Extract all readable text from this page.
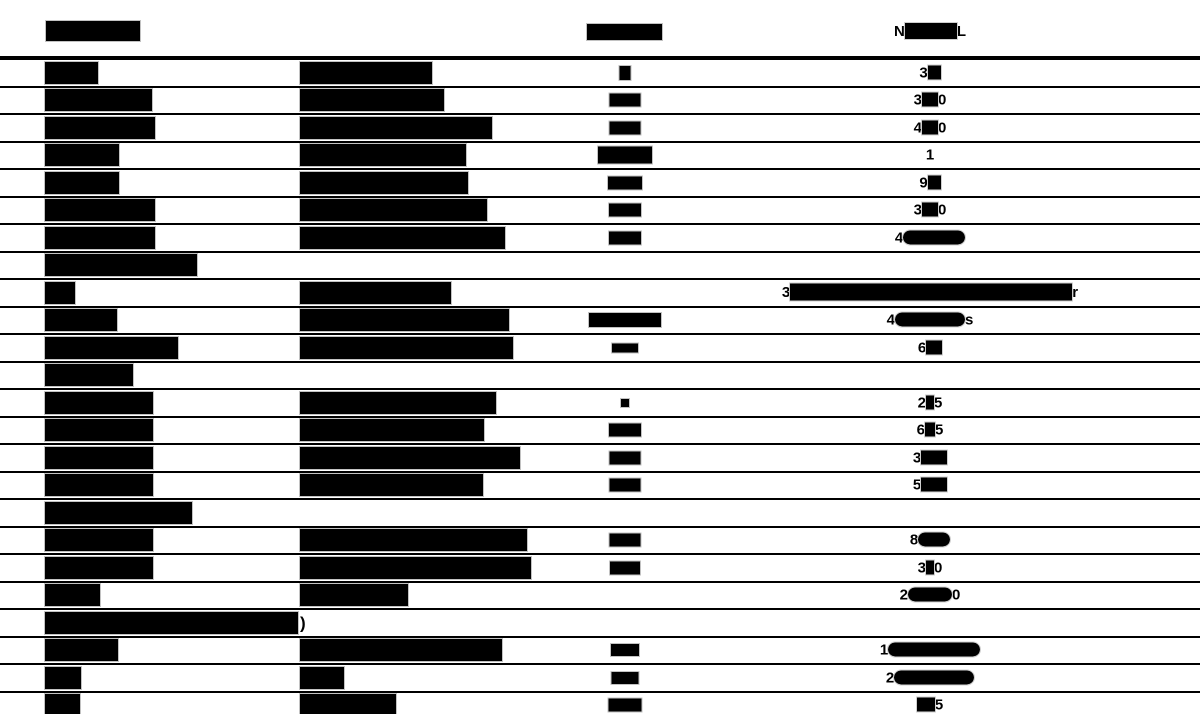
N	L
3
3 0
4 0
1
9
3 0
4
3	r
4	s
6
2 5
6 5
3
5
8
3 0
2	0
)
1
2
5
